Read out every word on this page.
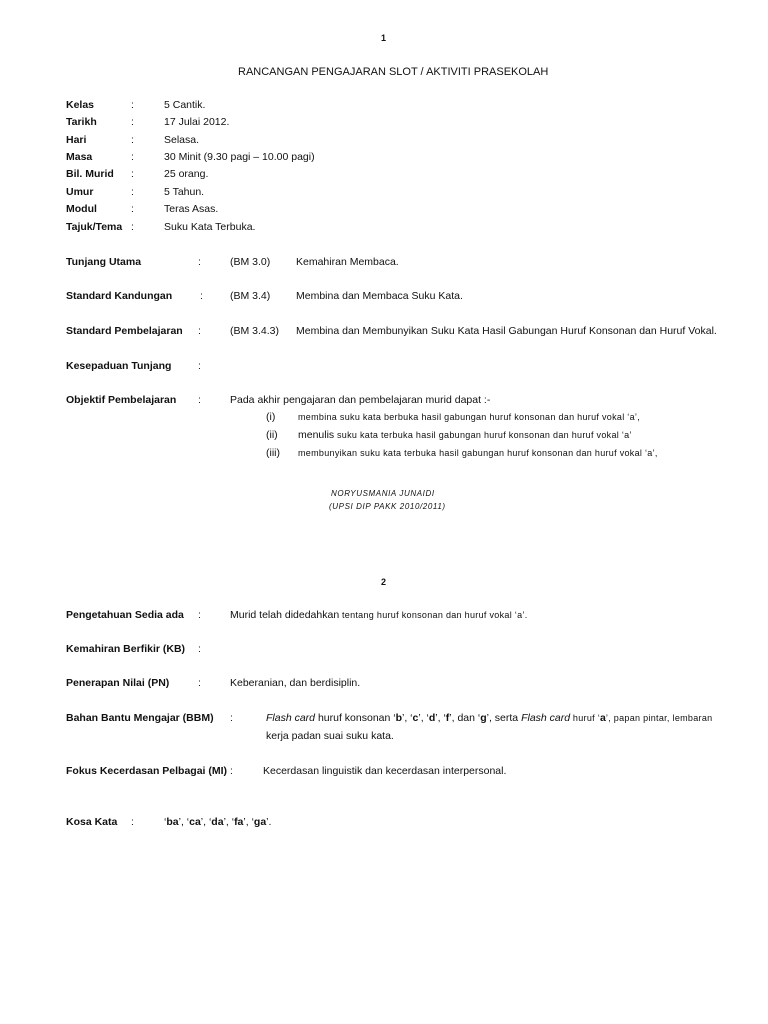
1
RANCANGAN PENGAJARAN SLOT / AKTIVITI PRASEKOLAH
Kelas	:	5 Cantik.
Tarikh	:	17 Julai 2012.
Hari	:	Selasa.
Masa	:	30 Minit (9.30 pagi – 10.00 pagi)
Bil. Murid :	25 orang.
Umur	:	5 Tahun.
Modul	:	Teras Asas.
Tajuk/Tema :	Suku Kata Terbuka.
Tunjang Utama	:	(BM 3.0) Kemahiran Membaca.
Standard Kandungan	:	(BM 3.4) Membina dan Membaca Suku Kata.
Standard Pembelajaran :	(BM 3.4.3) Membina dan Membunyikan Suku Kata Hasil Gabungan Huruf Konsonan dan Huruf Vokal.
Kesepaduan Tunjang	:
Objektif Pembelajaran :	Pada akhir pengajaran dan pembelajaran murid dapat :-
(i)	membina suku kata berbuka hasil gabungan huruf konsonan dan huruf vokal ‘a’,
(ii) menulis suku kata terbuka hasil gabungan huruf konsonan dan huruf vokal ‘a’
(iii) membunyikan suku kata terbuka hasil gabungan huruf konsonan dan huruf vokal ‘a’,
NORYUSMANIA JUNAIDI
(UPSI DIP PAKK 2010/2011)
2
Pengetahuan Sedia ada :	Murid telah didedahkan tentang huruf konsonan dan huruf vokal ‘a’.
Kemahiran Berfikir (KB) :
Penerapan Nilai (PN)	:	Keberanian, dan berdisiplin.
Bahan Bantu Mengajar (BBM) :	Flash card huruf konsonan ‘b’, ‘c’, ‘d’, ‘f’, dan ‘g’, serta Flash card huruf ‘a’, papan pintar, lembaran
kerja padan suai suku kata.
Fokus Kecerdasan Pelbagai (MI) :	Kecerdasan linguistik dan kecerdasan interpersonal.
Kosa Kata :	‘ba’, ‘ca’, ‘da’, ‘fa’, ‘ga’.
